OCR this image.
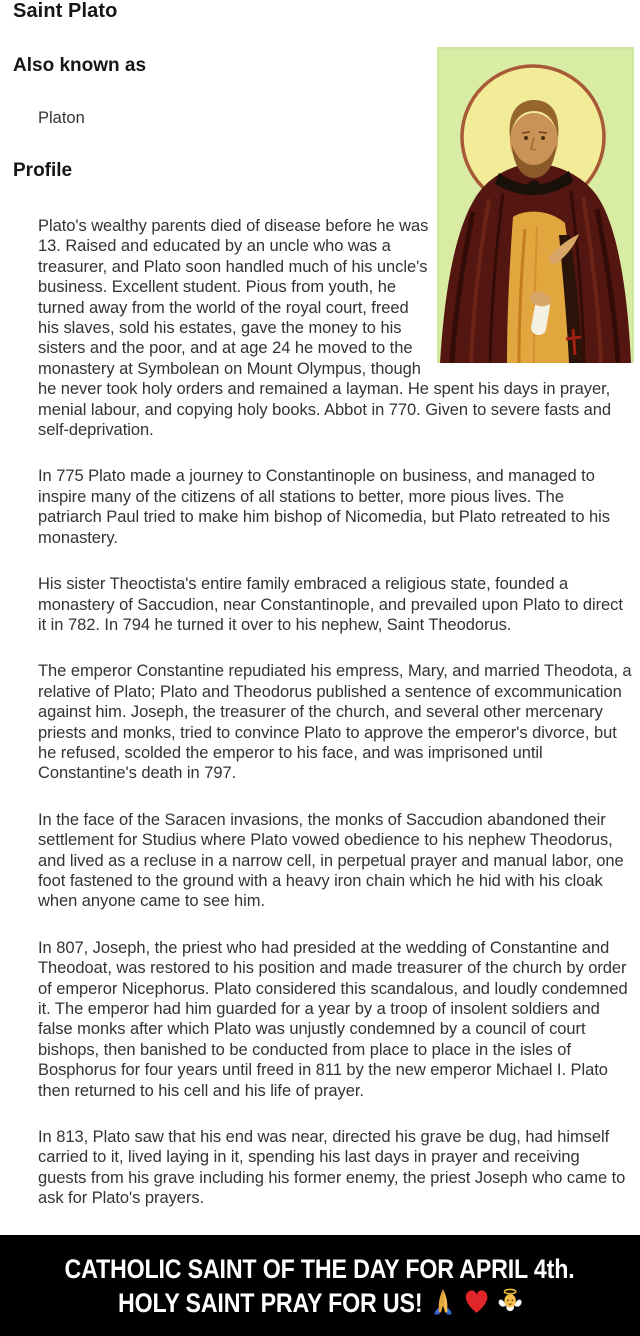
Saint Plato
Also known as

Platon

Profile

Plato's wealthy parents died of disease before he was 13. Raised and educated by an uncle who was a treasurer, and Plato soon handled much of his uncle's business. Excellent student. Pious from youth, he turned away from the world of the royal court, freed his slaves, sold his estates, gave the money to his sisters and the poor, and at age 24 he moved to the monastery at Symbolean on Mount Olympus, though he never took holy orders and remained a layman. He spent his days in prayer, menial labour, and copying holy books. Abbot in 770. Given to severe fasts and self-deprivation.

In 775 Plato made a journey to Constantinople on business, and managed to inspire many of the citizens of all stations to better, more pious lives. The patriarch Paul tried to make him bishop of Nicomedia, but Plato retreated to his monastery.

His sister Theoctista's entire family embraced a religious state, founded a monastery of Saccudion, near Constantinople, and prevailed upon Plato to direct it in 782. In 794 he turned it over to his nephew, Saint Theodorus.

The emperor Constantine repudiated his empress, Mary, and married Theodota, a relative of Plato; Plato and Theodorus published a sentence of excommunication against him. Joseph, the treasurer of the church, and several other mercenary priests and monks, tried to convince Plato to approve the emperor's divorce, but he refused, scolded the emperor to his face, and was imprisoned until Constantine's death in 797.

In the face of the Saracen invasions, the monks of Saccudion abandoned their settlement for Studius where Plato vowed obedience to his nephew Theodorus, and lived as a recluse in a narrow cell, in perpetual prayer and manual labor, one foot fastened to the ground with a heavy iron chain which he hid with his cloak when anyone came to see him.

In 807, Joseph, the priest who had presided at the wedding of Constantine and Theodoat, was restored to his position and made treasurer of the church by order of emperor Nicephorus. Plato considered this scandalous, and loudly condemned it. The emperor had him guarded for a year by a troop of insolent soldiers and false monks after which Plato was unjustly condemned by a council of court bishops, then banished to be conducted from place to place in the isles of Bosphorus for four years until freed in 811 by the new emperor Michael I. Plato then returned to his cell and his life of prayer.

In 813, Plato saw that his end was near, directed his grave be dug, had himself carried to it, lived laying in it, spending his last days in prayer and receiving guests from his grave including his former enemy, the priest Joseph who came to ask for Plato's prayers.

CATHOLIC SAINT OF THE DAY FOR APRIL 4th.
HOLY SAINT PRAY FOR US!
